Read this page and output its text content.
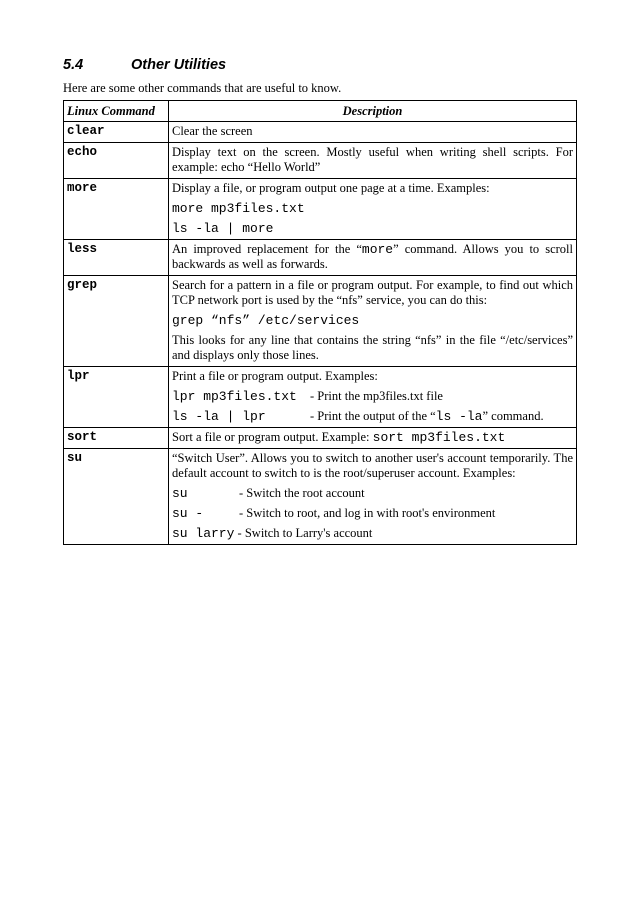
5.4	Other Utilities
Here are some other commands that are useful to know.
Linux Command	Description
clear	Clear the screen
echo	Display text on the screen. Mostly useful when writing shell scripts. For example: echo “Hello World”
more	Display a file, or program output one page at a time. Examples:

more mp3files.txt

ls -la | more

less	An improved replacement for the “more” command. Allows you to scroll backwards as well as forwards.
grep	Search for a pattern in a file or program output. For example, to find out which TCP network port is used by the “nfs” service, you can do this:

grep “nfs” /etc/services

This looks for any line that contains the string “nfs” in the file “/etc/services” and displays only those lines.

lpr	Print a file or program output. Examples:

lpr mp3files.txt - Print the mp3files.txt file

ls -la | lpr - Print the output of the “ls -la” command.

sort	Sort a file or program output. Example: sort mp3files.txt
su	“Switch User”. Allows you to switch to another user's account temporarily. The default account to switch to is the root/superuser account. Examples:

su - Switch the root account

su - - Switch to root, and log in with root's environment

su larry - Switch to Larry's account
